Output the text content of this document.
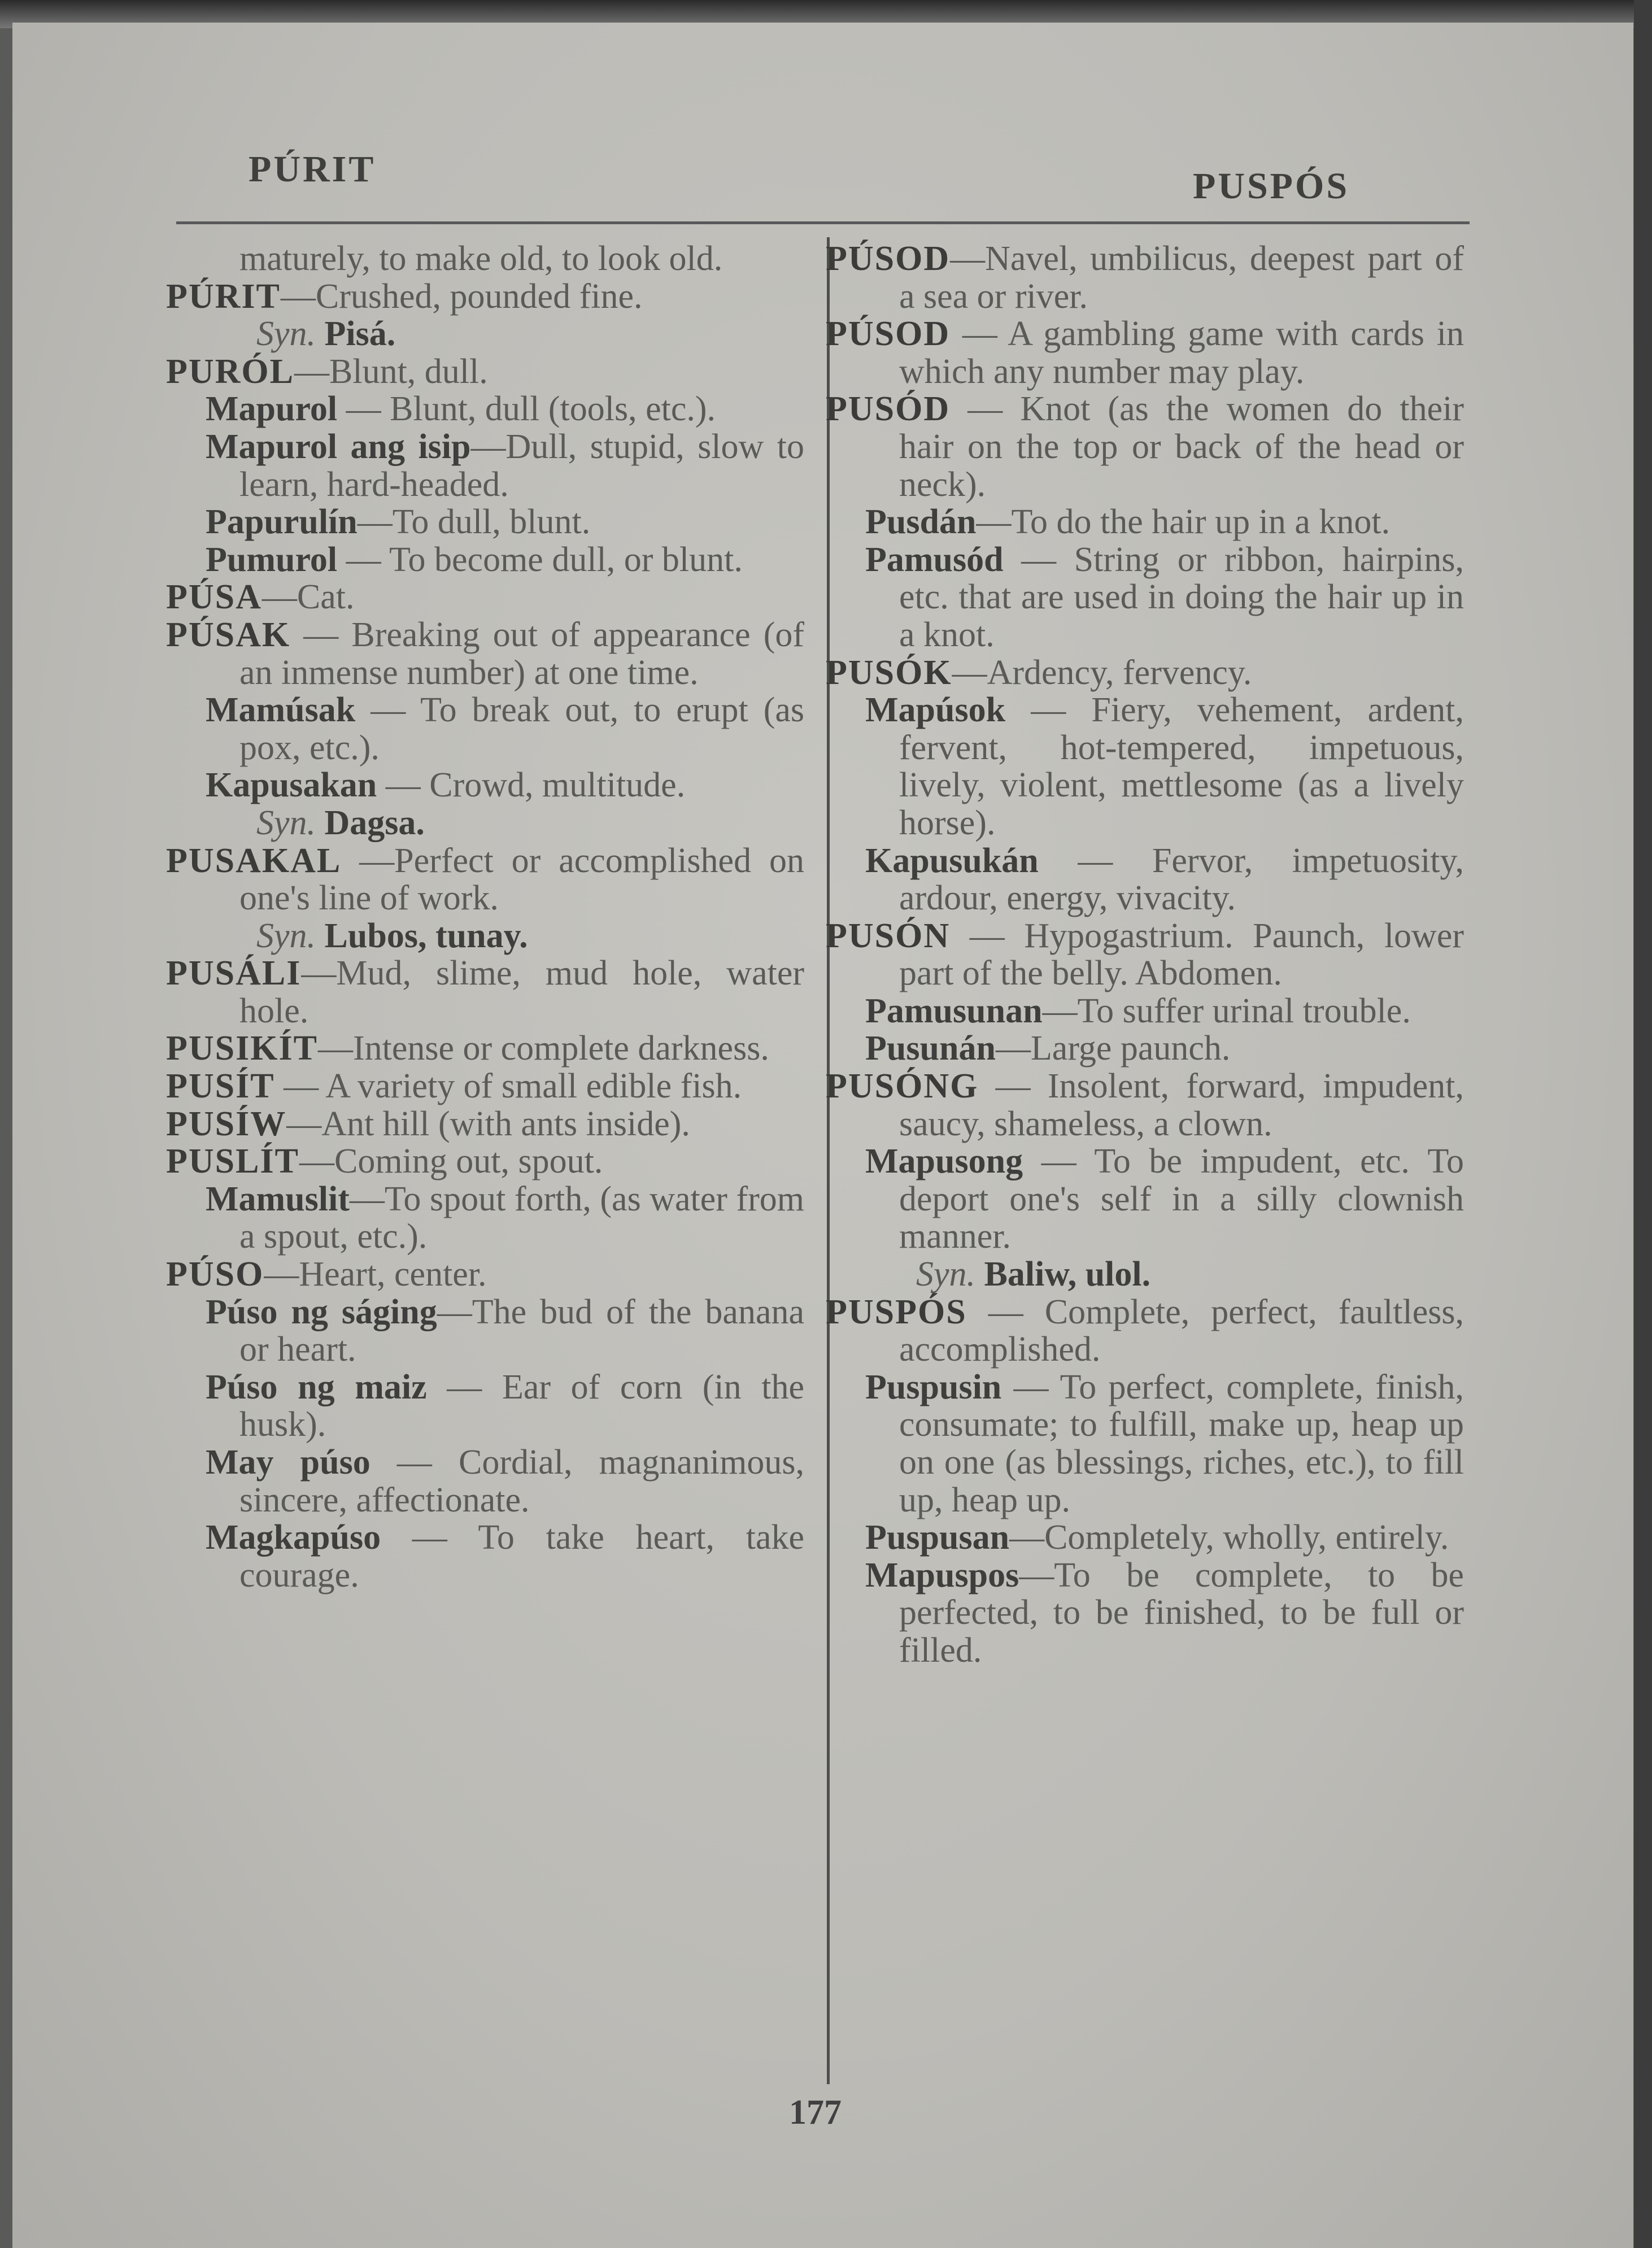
PÚRIT	PUSPÓS

maturely, to make old, to look old.

PÚRIT—Crushed, pounded fine.

Syn. Pisá.

PURÓL—Blunt, dull.

Mapurol — Blunt, dull (tools, etc.).

Mapurol ang isip—Dull, stupid, slow to learn, hard-headed.

Papurulín—To dull, blunt.

Pumurol — To become dull, or blunt.

PÚSA—Cat.

PÚSAK — Breaking out of appearance (of an inmense number) at one time.

Mamúsak — To break out, to erupt (as pox, etc.).

Kapusakan — Crowd, multitude.

Syn. Dagsa.

PUSAKAL —Perfect or accomplished on one's line of work.

Syn. Lubos, tunay.

PUSÁLI—Mud, slime, mud hole, water hole.

PUSIKÍT—Intense or complete darkness.

PUSÍT — A variety of small edible fish.

PUSÍW—Ant hill (with ants inside).

PUSLÍT—Coming out, spout.

Mamuslit—To spout forth, (as water from a spout, etc.).

PÚSO—Heart, center.

Púso ng ságing—The bud of the banana or heart.

Púso ng maiz — Ear of corn (in the husk).

May púso — Cordial, magnanimous, sincere, affectionate.

Magkapúso — To take heart, take courage.

PÚSOD—Navel, umbilicus, deepest part of a sea or river.

PÚSOD — A gambling game with cards in which any number may play.

PUSÓD — Knot (as the women do their hair on the top or back of the head or neck).

Pusdán—To do the hair up in a knot.

Pamusód — String or ribbon, hairpins, etc. that are used in doing the hair up in a knot.

PUSÓK—Ardency, fervency.

Mapúsok — Fiery, vehement, ardent, fervent, hot-tempered, impetuous, lively, violent, mettlesome (as a lively horse).

Kapusukán — Fervor, impetuosity, ardour, energy, vivacity.

PUSÓN — Hypogastrium. Paunch, lower part of the belly. Abdomen.

Pamusunan—To suffer urinal trouble.

Pusunán—Large paunch.

PUSÓNG — Insolent, forward, impudent, saucy, shameless, a clown.

Mapusong — To be impudent, etc. To deport one's self in a silly clownish manner.

Syn. Baliw, ulol.

PUSPÓS — Complete, perfect, faultless, accomplished.

Puspusin — To perfect, complete, finish, consumate; to fulfill, make up, heap up on one (as blessings, riches, etc.), to fill up, heap up.

Puspusan—Completely, wholly, entirely.

Mapuspos—To be complete, to be perfected, to be finished, to be full or filled.

177
